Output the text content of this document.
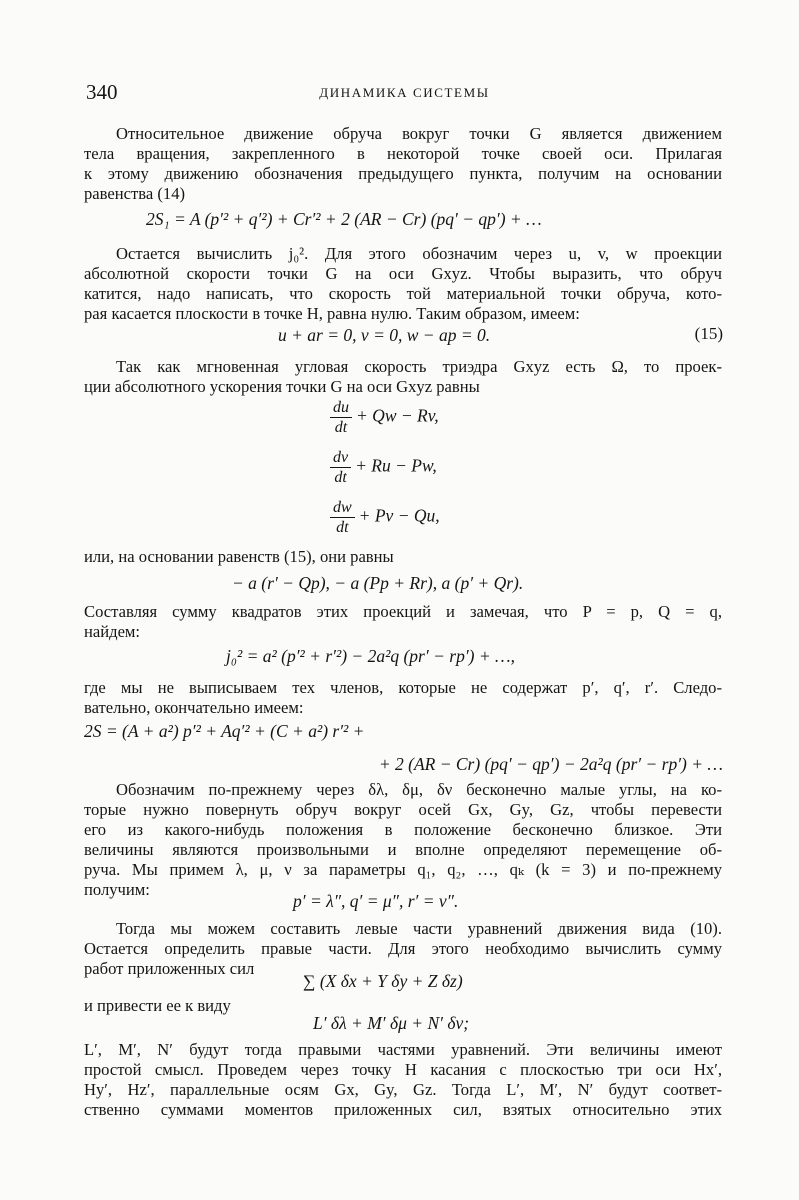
340	ДИНАМИКА СИСТЕМЫ
Относительное движение обруча вокруг точки G является движением
тела вращения, закрепленного в некоторой точке своей оси. Прилагая
к этому движению обозначения предыдущего пункта, получим на основании
равенства (14)
2S₁ = A (p′² + q′²) + Cr′² + 2 (AR − Cr) (pq′ − qp′) + …
Остается вычислить j₀². Для этого обозначим через u, v, w проекции
абсолютной скорости точки G на оси Gxyz. Чтобы выразить, что обруч
катится, надо написать, что скорость той материальной точки обруча, кото-
рая касается плоскости в точке H, равна нулю. Таким образом, имеем:
u + ar = 0, v = 0, w − ap = 0.	(15)
Так как мгновенная угловая скорость триэдра Gxyz есть Ω, то проек-
ции абсолютного ускорения точки G на оси Gxyz равны
$\frac{du}{dt} + Qw - Rv$,
$\frac{dv}{dt} + Ru - Pw$,
$\frac{dw}{dt} + Pv - Qu$,
или, на основании равенств (15), они равны
− a (r′ − Qp), − a (Pp + Rr), a (p′ + Qr).
Составляя сумму квадратов этих проекций и замечая, что P = p, Q = q,
найдем:
j₀² = a² (p′² + r′²) − 2a²q (pr′ − rp′) + …,
где мы не выписываем тех членов, которые не содержат p′, q′, r′. Следо-
вательно, окончательно имеем:
2S = (A + a²) p′² + Aq′² + (C + a²) r′² +
+ 2 (AR − Cr) (pq′ − qp′) − 2a²q (pr′ − rp′) + …
Обозначим по-прежнему через δλ, δμ, δν бесконечно малые углы, на ко-
торые нужно повернуть обруч вокруг осей Gx, Gy, Gz, чтобы перевести
его из какого-нибудь положения в положение бесконечно близкое. Эти
величины являются произвольными и вполне определяют перемещение об-
руча. Мы примем λ, μ, ν за параметры q₁, q₂, …, qₖ (k = 3) и по-прежнему
получим:
p′ = λ″, q′ = μ″, r′ = ν″.
Тогда мы можем составить левые части уравнений движения вида (10).
Остается определить правые части. Для этого необходимо вычислить сумму
работ приложенных сил
∑ (X δx + Y δy + Z δz)
и привести ее к виду
L′ δλ + M′ δμ + N′ δν;
L′, M′, N′ будут тогда правыми частями уравнений. Эти величины имеют
простой смысл. Проведем через точку H касания с плоскостью три оси Hx′,
Hy′, Hz′, параллельные осям Gx, Gy, Gz. Тогда L′, M′, N′ будут соответ-
ственно суммами моментов приложенных сил, взятых относительно этих
